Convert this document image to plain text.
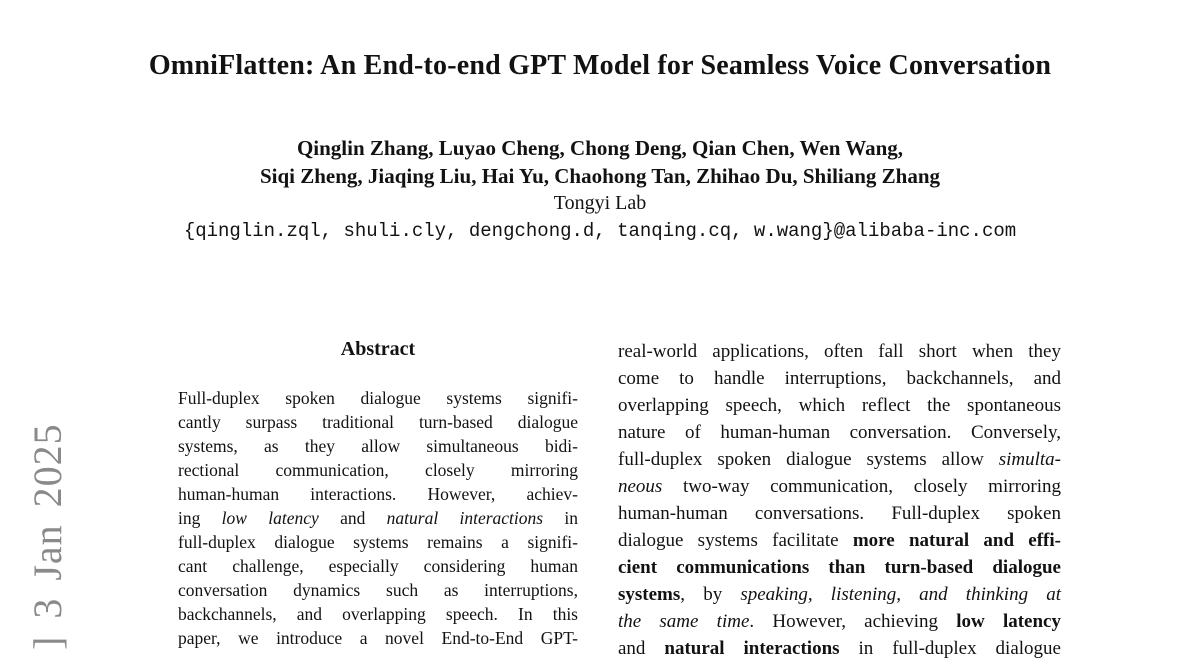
] 3 Jan 2025
OmniFlatten: An End-to-end GPT Model for Seamless Voice Conversation
Qinglin Zhang, Luyao Cheng, Chong Deng, Qian Chen, Wen Wang,
Siqi Zheng, Jiaqing Liu, Hai Yu, Chaohong Tan, Zhihao Du, Shiliang Zhang
Tongyi Lab
{qinglin.zql, shuli.cly, dengchong.d, tanqing.cq, w.wang}@alibaba-inc.com
Abstract
Full-duplex spoken dialogue systems signifi-
cantly surpass traditional turn-based dialogue
systems, as they allow simultaneous bidi-
rectional communication, closely mirroring
human-human interactions. However, achiev-
ing low latency and natural interactions in
full-duplex dialogue systems remains a signifi-
cant challenge, especially considering human
conversation dynamics such as interruptions,
backchannels, and overlapping speech. In this
paper, we introduce a novel End-to-End GPT-
real-world applications, often fall short when they
come to handle interruptions, backchannels, and
overlapping speech, which reflect the spontaneous
nature of human-human conversation. Conversely,
full-duplex spoken dialogue systems allow simulta-
neous two-way communication, closely mirroring
human-human conversations. Full-duplex spoken
dialogue systems facilitate more natural and effi-
cient communications than turn-based dialogue
systems, by speaking, listening, and thinking at
the same time. However, achieving low latency
and natural interactions in full-duplex dialogue
